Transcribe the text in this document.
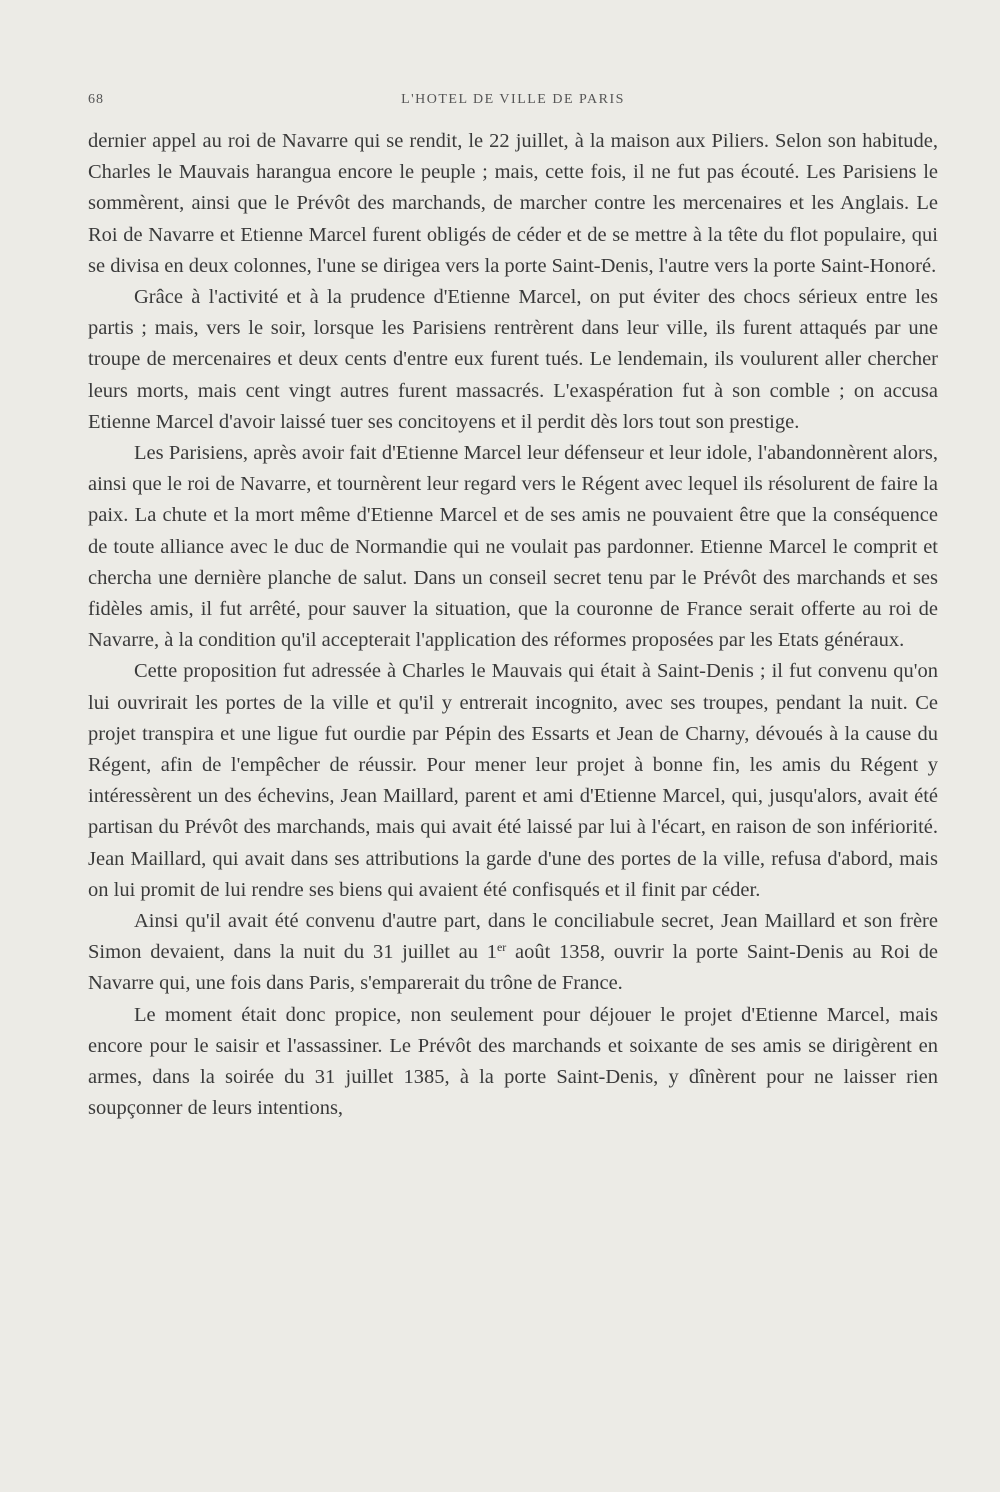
68	L'HOTEL DE VILLE DE PARIS

dernier appel au roi de Navarre qui se rendit, le 22 juillet, à la maison aux Piliers. Selon son habitude, Charles le Mauvais harangua encore le peuple ; mais, cette fois, il ne fut pas écouté. Les Parisiens le sommèrent, ainsi que le Prévôt des marchands, de marcher contre les mercenaires et les Anglais. Le Roi de Navarre et Etienne Marcel furent obligés de céder et de se mettre à la tête du flot populaire, qui se divisa en deux colonnes, l'une se dirigea vers la porte Saint-Denis, l'autre vers la porte Saint-Honoré.

Grâce à l'activité et à la prudence d'Etienne Marcel, on put éviter des chocs sérieux entre les partis ; mais, vers le soir, lorsque les Parisiens rentrèrent dans leur ville, ils furent attaqués par une troupe de mercenaires et deux cents d'entre eux furent tués. Le lendemain, ils voulurent aller chercher leurs morts, mais cent vingt autres furent massacrés. L'exaspération fut à son comble ; on accusa Etienne Marcel d'avoir laissé tuer ses concitoyens et il perdit dès lors tout son prestige.

Les Parisiens, après avoir fait d'Etienne Marcel leur défenseur et leur idole, l'abandonnèrent alors, ainsi que le roi de Navarre, et tournèrent leur regard vers le Régent avec lequel ils résolurent de faire la paix. La chute et la mort même d'Etienne Marcel et de ses amis ne pouvaient être que la conséquence de toute alliance avec le duc de Normandie qui ne voulait pas pardonner. Etienne Marcel le comprit et chercha une dernière planche de salut. Dans un conseil secret tenu par le Prévôt des marchands et ses fidèles amis, il fut arrêté, pour sauver la situation, que la couronne de France serait offerte au roi de Navarre, à la condition qu'il accepterait l'application des réformes proposées par les Etats généraux.

Cette proposition fut adressée à Charles le Mauvais qui était à Saint-Denis ; il fut convenu qu'on lui ouvrirait les portes de la ville et qu'il y entrerait incognito, avec ses troupes, pendant la nuit. Ce projet transpira et une ligue fut ourdie par Pépin des Essarts et Jean de Charny, dévoués à la cause du Régent, afin de l'empêcher de réussir. Pour mener leur projet à bonne fin, les amis du Régent y intéressèrent un des échevins, Jean Maillard, parent et ami d'Etienne Marcel, qui, jusqu'alors, avait été partisan du Prévôt des marchands, mais qui avait été laissé par lui à l'écart, en raison de son infériorité. Jean Maillard, qui avait dans ses attributions la garde d'une des portes de la ville, refusa d'abord, mais on lui promit de lui rendre ses biens qui avaient été confisqués et il finit par céder.

Ainsi qu'il avait été convenu d'autre part, dans le conciliabule secret, Jean Maillard et son frère Simon devaient, dans la nuit du 31 juillet au 1er août 1358, ouvrir la porte Saint-Denis au Roi de Navarre qui, une fois dans Paris, s'emparerait du trône de France.

Le moment était donc propice, non seulement pour déjouer le projet d'Etienne Marcel, mais encore pour le saisir et l'assassiner. Le Prévôt des marchands et soixante de ses amis se dirigèrent en armes, dans la soirée du 31 juillet 1385, à la porte Saint-Denis, y dînèrent pour ne laisser rien soupçonner de leurs intentions,
